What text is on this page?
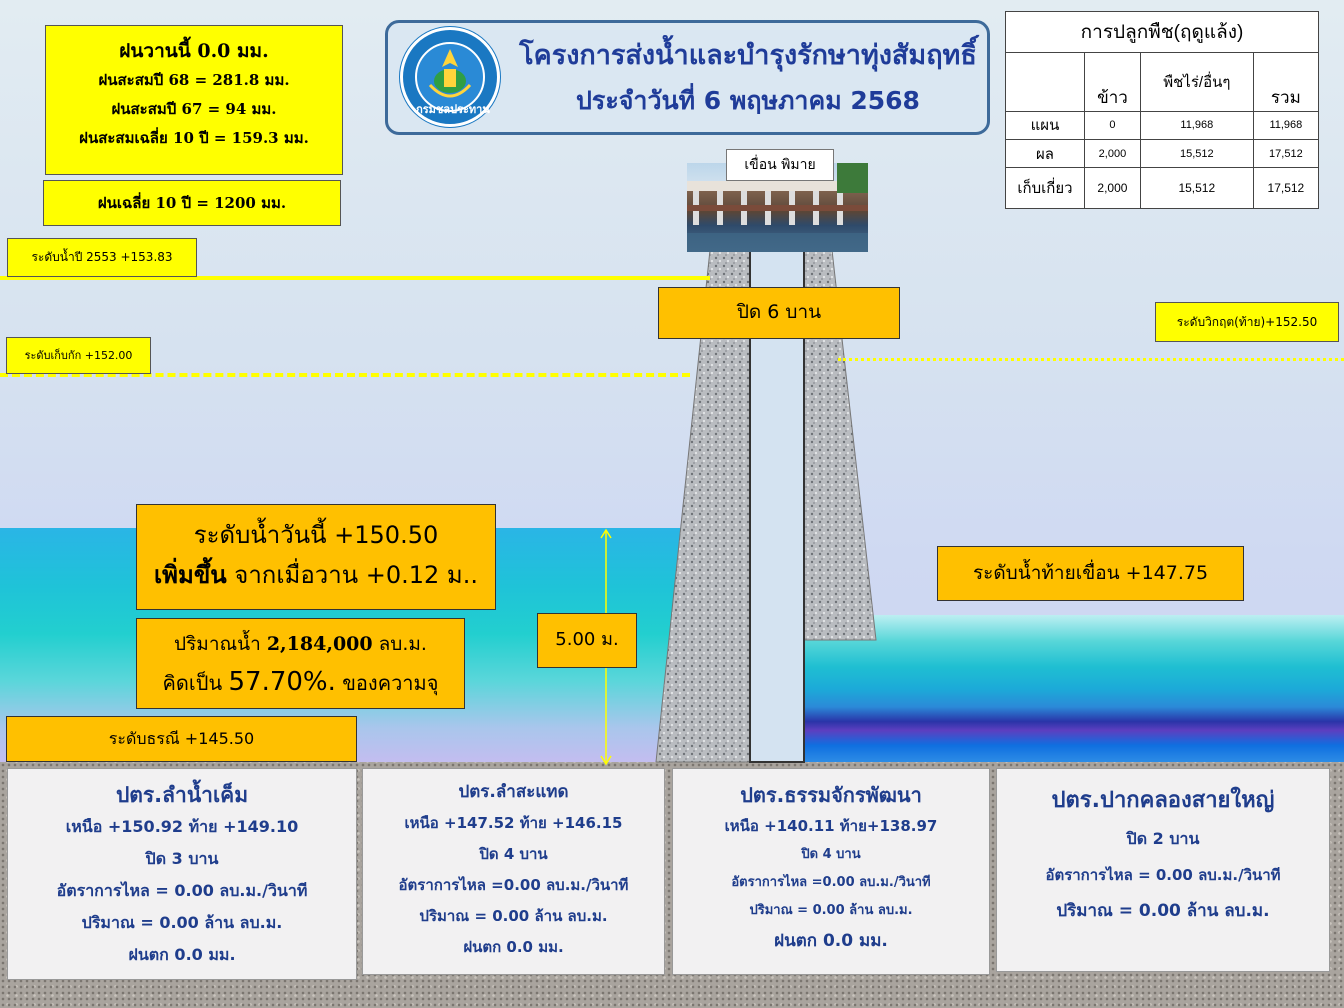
ฝนวานนี้ 0.0 มม.
ฝนสะสมปี 68 = 281.8 มม.
ฝนสะสมปี 67 = 94 มม.
ฝนสะสมเฉลี่ย 10 ปี = 159.3 มม.
ฝนเฉลี่ย 10 ปี = 1200 มม.
กรมชลประทาน
โครงการส่งน้ำและบำรุงรักษาทุ่งสัมฤทธิ์
ประจำวันที่ 6 พฤษภาคม 2568
การปลูกพืช(ฤดูแล้ง)			
	ข้าว	พืชไร่/อื่นๆ	รวม
แผน	0	11,968	11,968
ผล	2,000	15,512	17,512
เก็บเกี่ยว	2,000	15,512	17,512
เขื่อน พิมาย
ปิด 6 บาน
ระดับน้ำปี 2553 +153.83
ระดับเก็บกัก +152.00
ระดับวิกฤต(ท้าย)+152.50
ระดับน้ำวันนี้ +150.50
เพิ่มขึ้น จากเมื่อวาน +0.12 ม..
ปริมาณน้ำ 2,184,000 ลบ.ม.
คิดเป็น 57.70%. ของความจุ
5.00 ม.
ระดับธรณี +145.50
ระดับน้ำท้ายเขื่อน +147.75
ปตร.ลำน้ำเค็ม
เหนือ +150.92 ท้าย +149.10
ปิด 3 บาน
อัตราการไหล = 0.00 ลบ.ม./วินาที
ปริมาณ = 0.00 ล้าน ลบ.ม.
ฝนตก 0.0 มม.
ปตร.ลำสะแทด
เหนือ +147.52 ท้าย +146.15
ปิด 4 บาน
อัตราการไหล =0.00 ลบ.ม./วินาที
ปริมาณ = 0.00 ล้าน ลบ.ม.
ฝนตก 0.0 มม.
ปตร.ธรรมจักรพัฒนา
เหนือ +140.11 ท้าย+138.97
ปิด 4 บาน
อัตราการไหล =0.00 ลบ.ม./วินาที
ปริมาณ = 0.00 ล้าน ลบ.ม.
ฝนตก 0.0 มม.
ปตร.ปากคลองสายใหญ่
ปิด 2 บาน
อัตราการไหล = 0.00 ลบ.ม./วินาที
ปริมาณ = 0.00 ล้าน ลบ.ม.
